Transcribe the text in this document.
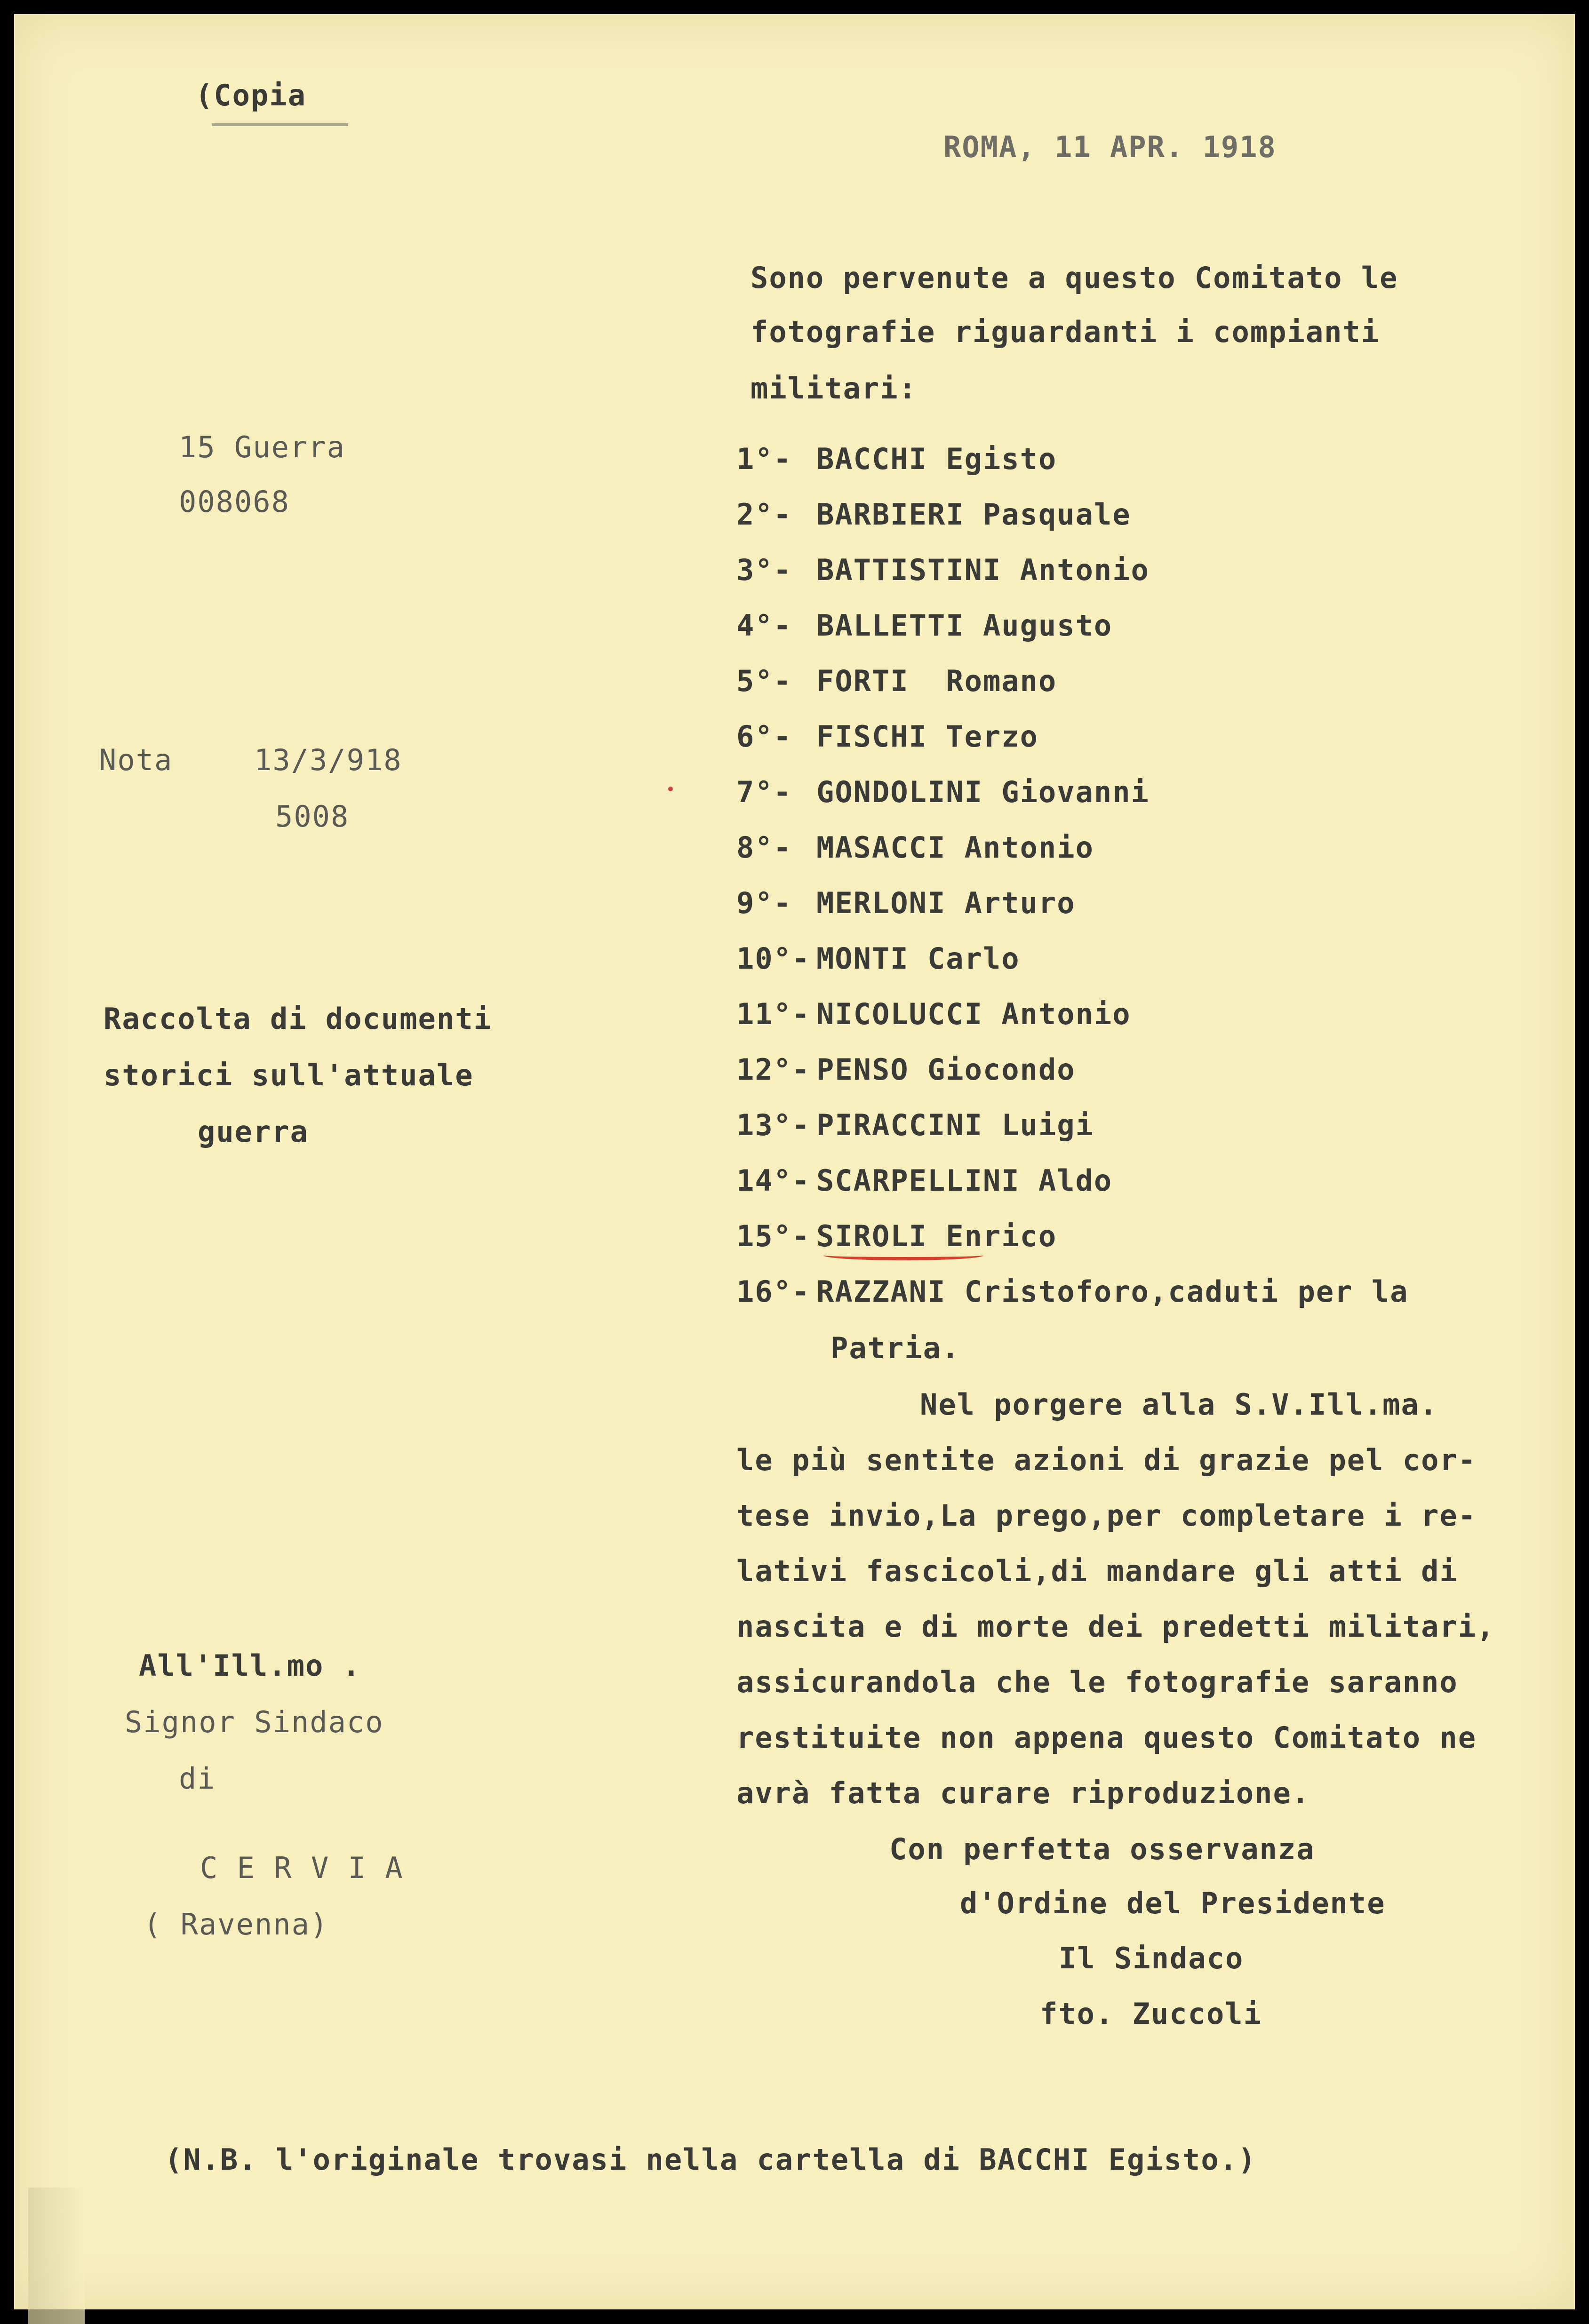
(Copia

ROMA, 11 APR. 1918

15 Guerra

008068

Nota	13/3/918

5008

Raccolta di documenti

storici sull'attuale

guerra

All'Ill.mo .

Signor Sindaco

di

C E R V I A

( Ravenna)

Sono pervenute a questo Comitato le

fotografie riguardanti i compianti

militari:

1°- BACCHI Egisto

2°- BARBIERI Pasquale

3°- BATTISTINI Antonio

4°- BALLETTI Augusto

5°- FORTI  Romano

6°- FISCHI Terzo

7°- GONDOLINI Giovanni

8°- MASACCI Antonio

9°- MERLONI Arturo

10°- MONTI Carlo

11°- NICOLUCCI Antonio

12°- PENSO Giocondo

13°- PIRACCINI Luigi

14°- SCARPELLINI Aldo

15°- SIROLI Enrico

16°- RAZZANI Cristoforo,caduti per la

Patria.

Nel porgere alla S.V.Ill.ma.

le più sentite azioni di grazie pel cor-

tese invio,La prego,per completare i re-

lativi fascicoli,di mandare gli atti di

nascita e di morte dei predetti militari,

assicurandola che le fotografie saranno

restituite non appena questo Comitato ne

avrà fatta curare riproduzione.

Con perfetta osservanza

d'Ordine del Presidente

Il Sindaco

fto. Zuccoli

(N.B. l'originale trovasi nella cartella di BACCHI Egisto.)
